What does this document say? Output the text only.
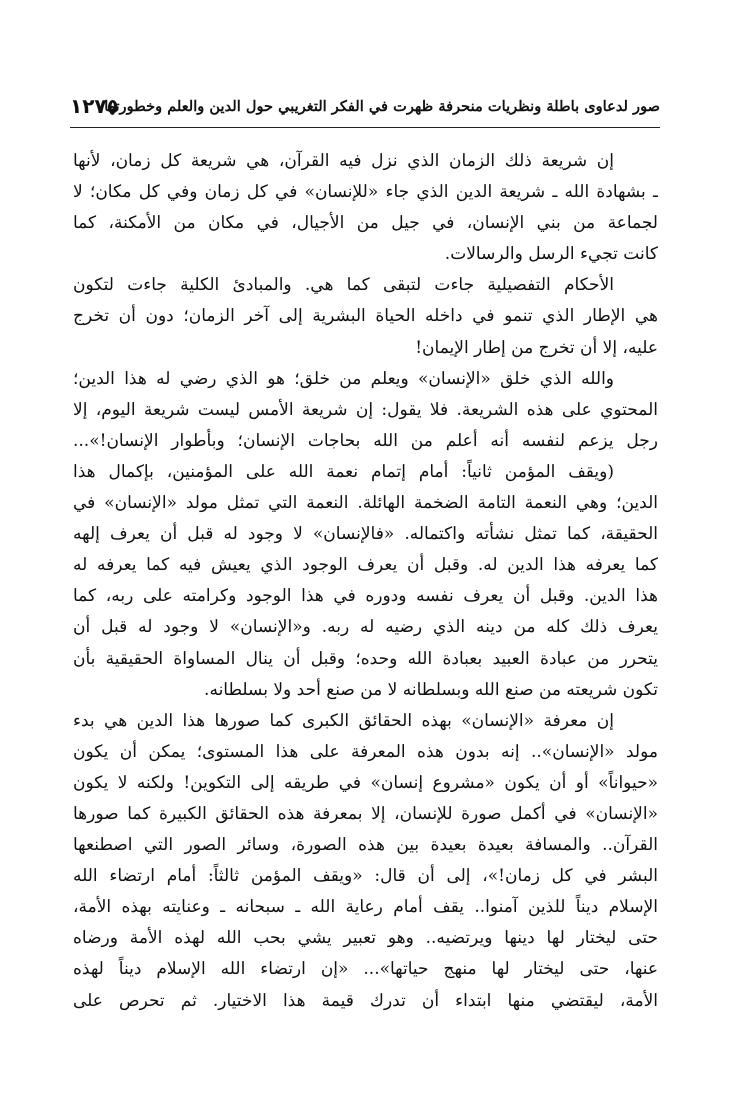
صور لدعاوى باطلة ونظريات منحرفة ظهرت في الفكر التغريبي حول الدين والعلم وخطورتها
١٢٧٥
إن شريعة ذلك الزمان الذي نزل فيه القرآن، هي شريعة كل زمان، لأنها
ـ بشهادة الله ـ شريعة الدين الذي جاء «للإنسان» في كل زمان وفي كل مكان؛ لا
لجماعة من بني الإنسان، في جيل من الأجيال، في مكان من الأمكنة، كما
كانت تجيء الرسل والرسالات.
الأحكام التفصيلية جاءت لتبقى كما هي. والمبادئ الكلية جاءت لتكون
هي الإطار الذي تنمو في داخله الحياة البشرية إلى آخر الزمان؛ دون أن تخرج
عليه، إلا أن تخرج من إطار الإيمان!
والله الذي خلق «الإنسان» ويعلم من خلق؛ هو الذي رضي له هذا الدين؛
المحتوي على هذه الشريعة. فلا يقول: إن شريعة الأمس ليست شريعة اليوم، إلا
رجل يزعم لنفسه أنه أعلم من الله بحاجات الإنسان؛ وبأطوار الإنسان!»...
(ويقف المؤمن ثانياً: أمام إتمام نعمة الله على المؤمنين، بإكمال هذا
الدين؛ وهي النعمة التامة الضخمة الهائلة. النعمة التي تمثل مولد «الإنسان» في
الحقيقة، كما تمثل نشأته واكتماله. «فالإنسان» لا وجود له قبل أن يعرف إلهه
كما يعرفه هذا الدين له. وقبل أن يعرف الوجود الذي يعيش فيه كما يعرفه له
هذا الدين. وقبل أن يعرف نفسه ودوره في هذا الوجود وكرامته على ربه، كما
يعرف ذلك كله من دينه الذي رضيه له ربه. و«الإنسان» لا وجود له قبل أن
يتحرر من عبادة العبيد بعبادة الله وحده؛ وقبل أن ينال المساواة الحقيقية بأن
تكون شريعته من صنع الله وبسلطانه لا من صنع أحد ولا بسلطانه.
إن معرفة «الإنسان» بهذه الحقائق الكبرى كما صورها هذا الدين هي بدء
مولد «الإنسان».. إنه بدون هذه المعرفة على هذا المستوى؛ يمكن أن يكون
«حيواناً» أو أن يكون «مشروع إنسان» في طريقه إلى التكوين! ولكنه لا يكون
«الإنسان» في أكمل صورة للإنسان، إلا بمعرفة هذه الحقائق الكبيرة كما صورها
القرآن.. والمسافة بعيدة بعيدة بين هذه الصورة، وسائر الصور التي اصطنعها
البشر في كل زمان!»، إلى أن قال: «ويقف المؤمن ثالثاً: أمام ارتضاء الله
الإسلام ديناً للذين آمنوا.. يقف أمام رعاية الله ـ سبحانه ـ وعنايته بهذه الأمة،
حتى ليختار لها دينها ويرتضيه.. وهو تعبير يشي بحب الله لهذه الأمة ورضاه
عنها، حتى ليختار لها منهج حياتها»... «إن ارتضاء الله الإسلام ديناً لهذه
الأمة، ليقتضي منها ابتداء أن تدرك قيمة هذا الاختيار. ثم تحرص على
